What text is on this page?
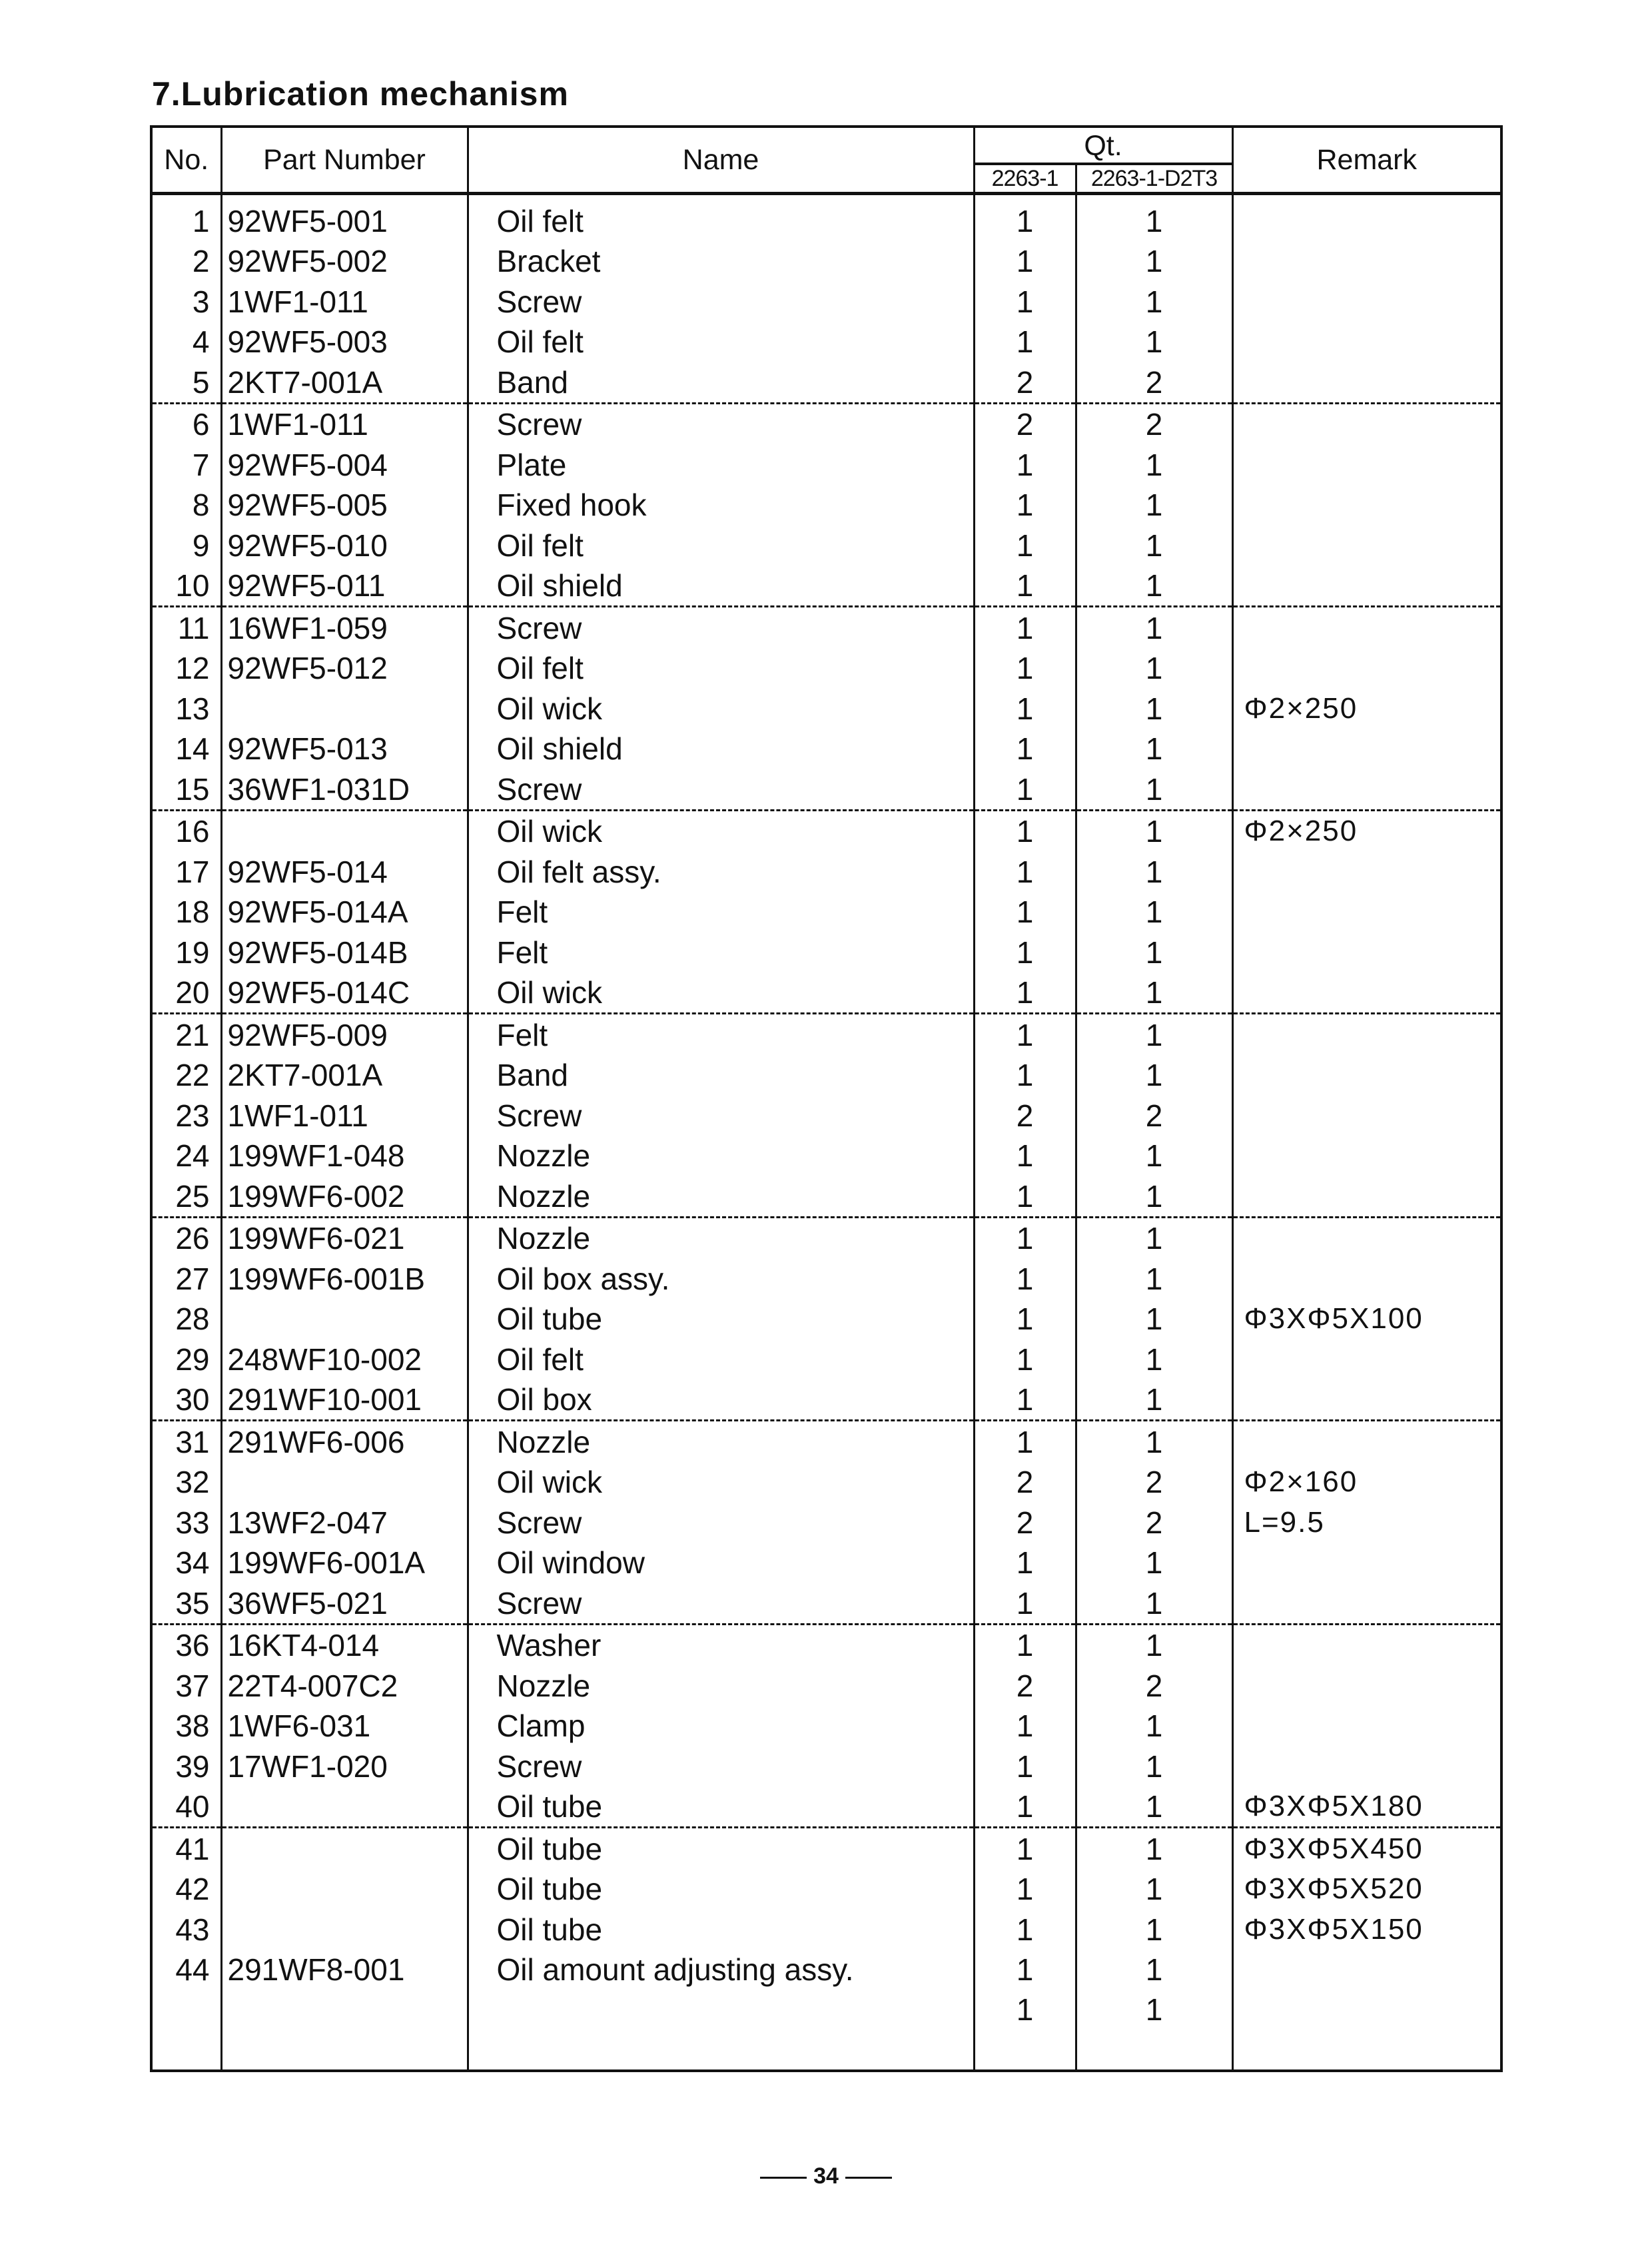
7.Lubrication mechanism
No.	Part Number	Name	Qt.		Remark
			2263-1	2263-1-D2T3	
1	92WF5-001	Oil felt	1	1	
2	92WF5-002	Bracket	1	1	
3	1WF1-011	Screw	1	1	
4	92WF5-003	Oil felt	1	1	
5	2KT7-001A	Band	2	2	
6	1WF1-011	Screw	2	2	
7	92WF5-004	Plate	1	1	
8	92WF5-005	Fixed hook	1	1	
9	92WF5-010	Oil felt	1	1	
10	92WF5-011	Oil shield	1	1	
11	16WF1-059	Screw	1	1	
12	92WF5-012	Oil felt	1	1	
13		Oil wick	1	1	Φ2×250
14	92WF5-013	Oil shield	1	1	
15	36WF1-031D	Screw	1	1	
16		Oil wick	1	1	Φ2×250
17	92WF5-014	Oil felt assy.	1	1	
18	92WF5-014A	Felt	1	1	
19	92WF5-014B	Felt	1	1	
20	92WF5-014C	Oil wick	1	1	
21	92WF5-009	Felt	1	1	
22	2KT7-001A	Band	1	1	
23	1WF1-011	Screw	2	2	
24	199WF1-048	Nozzle	1	1	
25	199WF6-002	Nozzle	1	1	
26	199WF6-021	Nozzle	1	1	
27	199WF6-001B	Oil box assy.	1	1	
28		Oil tube	1	1	Φ3XΦ5X100
29	248WF10-002	Oil felt	1	1	
30	291WF10-001	Oil box	1	1	
31	291WF6-006	Nozzle	1	1	
32		Oil wick	2	2	Φ2×160
33	13WF2-047	Screw	2	2	L=9.5
34	199WF6-001A	Oil window	1	1	
35	36WF5-021	Screw	1	1	
36	16KT4-014	Washer	1	1	
37	22T4-007C2	Nozzle	2	2	
38	1WF6-031	Clamp	1	1	
39	17WF1-020	Screw	1	1	
40		Oil tube	1	1	Φ3XΦ5X180
41		Oil tube	1	1	Φ3XΦ5X450
42		Oil tube	1	1	Φ3XΦ5X520
43		Oil tube	1	1	Φ3XΦ5X150
44	291WF8-001	Oil amount adjusting assy.	1	1	
			1	1	
34
